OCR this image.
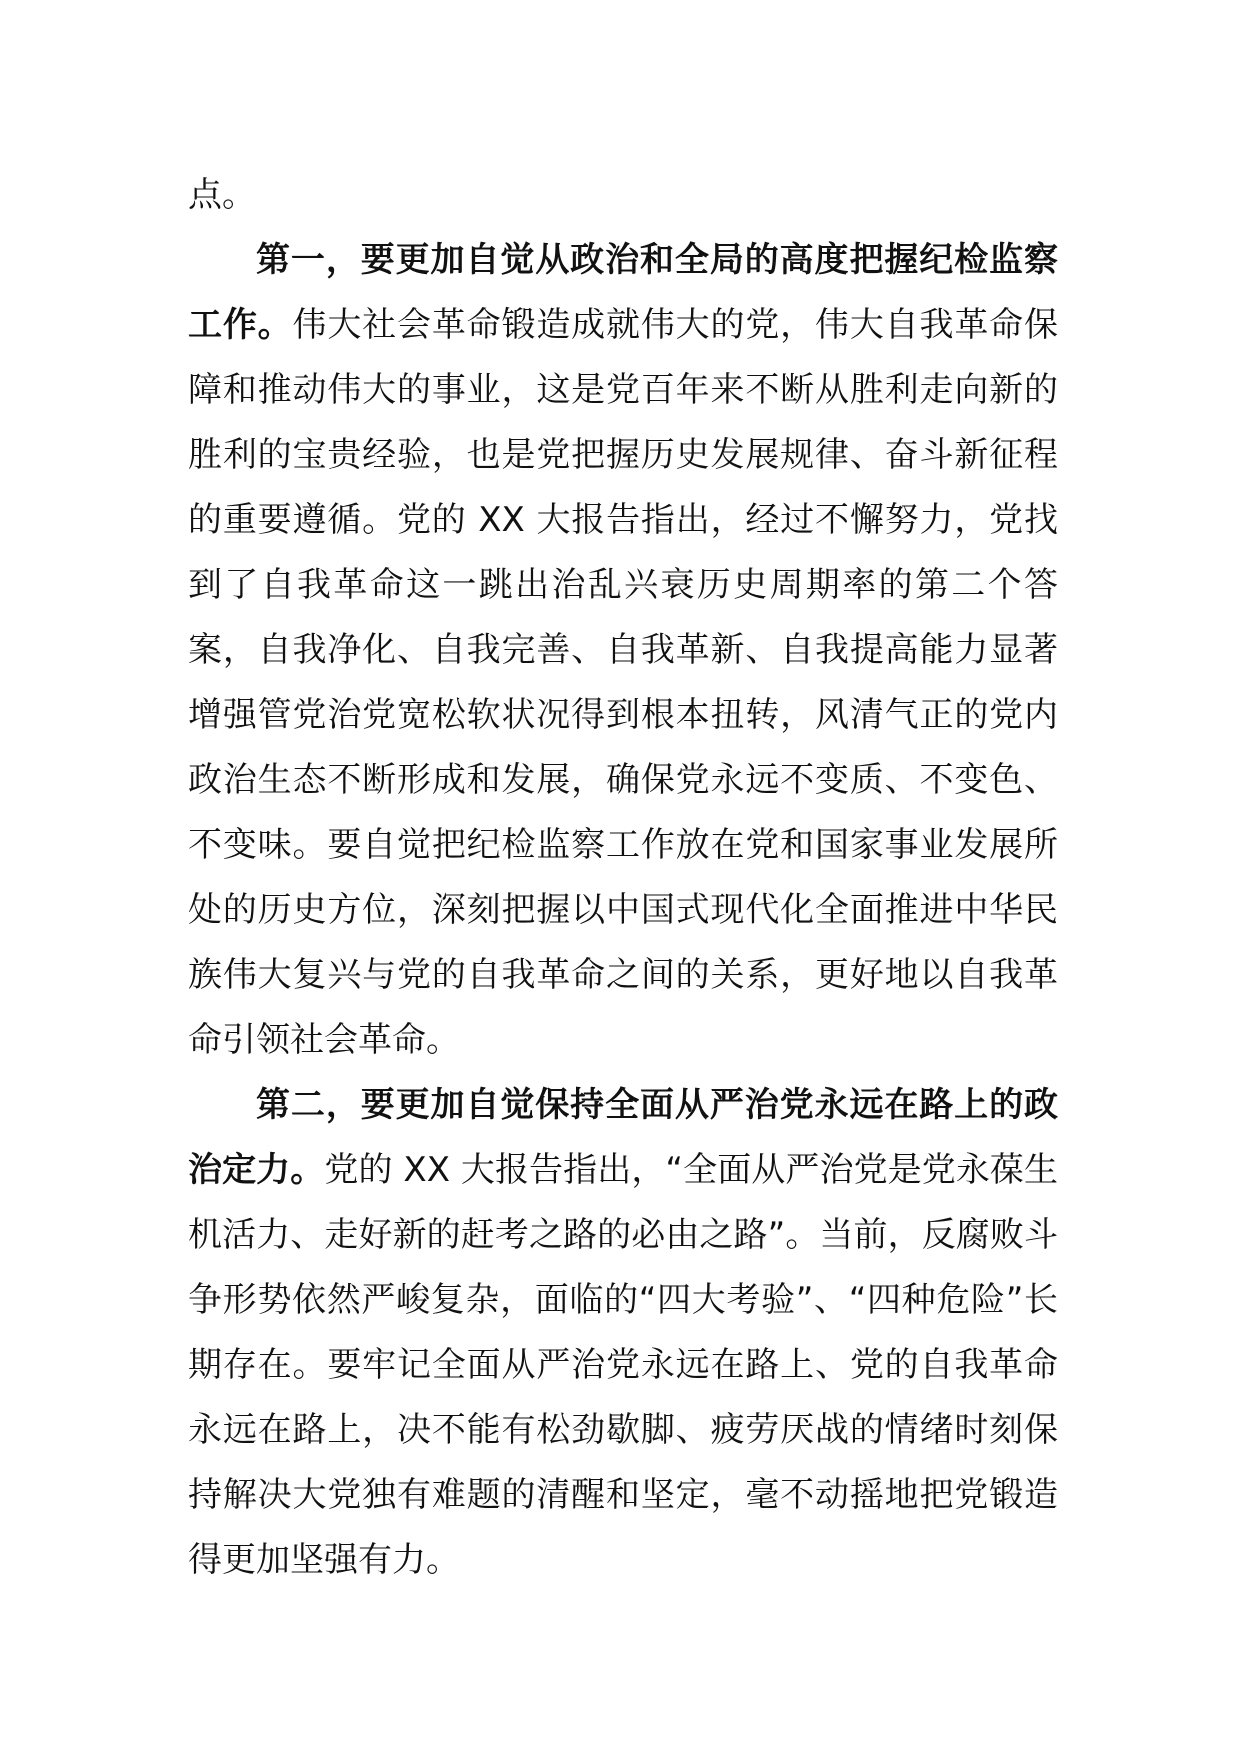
点。

第一，要更加自觉从政治和全局的高度把握纪检监察工作。伟大社会革命锻造成就伟大的党，伟大自我革命保障和推动伟大的事业，这是党百年来不断从胜利走向新的胜利的宝贵经验，也是党把握历史发展规律、奋斗新征程的重要遵循。党的 XX 大报告指出，经过不懈努力，党找到了自我革命这一跳出治乱兴衰历史周期率的第二个答案，自我净化、自我完善、自我革新、自我提高能力显著增强管党治党宽松软状况得到根本扭转，风清气正的党内政治生态不断形成和发展，确保党永远不变质、不变色、不变味。要自觉把纪检监察工作放在党和国家事业发展所处的历史方位，深刻把握以中国式现代化全面推进中华民族伟大复兴与党的自我革命之间的关系，更好地以自我革命引领社会革命。

第二，要更加自觉保持全面从严治党永远在路上的政治定力。党的 XX 大报告指出，“全面从严治党是党永葆生机活力、走好新的赶考之路的必由之路”。当前，反腐败斗争形势依然严峻复杂，面临的“四大考验”、“四种危险”长期存在。要牢记全面从严治党永远在路上、党的自我革命永远在路上，决不能有松劲歇脚、疲劳厌战的情绪时刻保持解决大党独有难题的清醒和坚定，毫不动摇地把党锻造得更加坚强有力。
